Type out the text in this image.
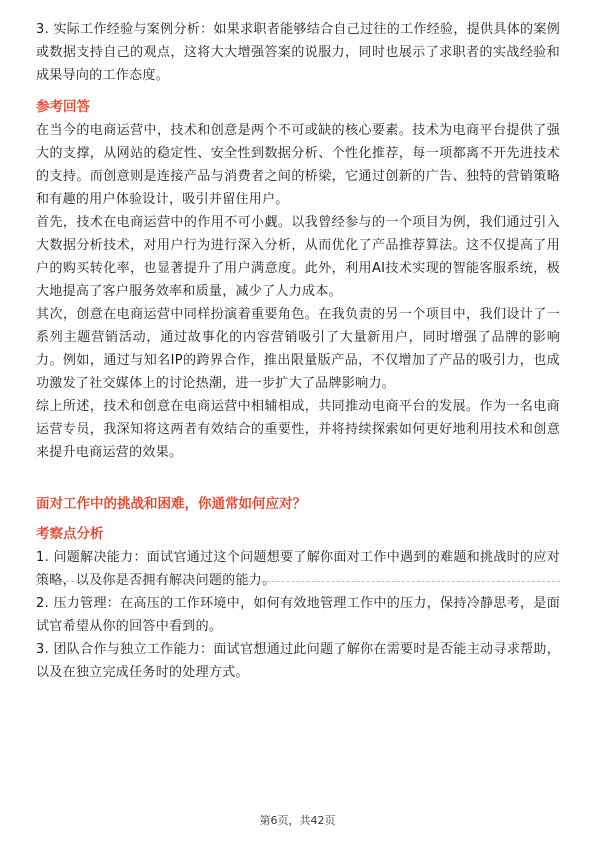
3. 实际工作经验与案例分析：如果求职者能够结合自己过往的工作经验，提供具体的案例或数据支持自己的观点，这将大大增强答案的说服力，同时也展示了求职者的实战经验和成果导向的工作态度。

参考回答

在当今的电商运营中，技术和创意是两个不可或缺的核心要素。技术为电商平台提供了强大的支撑，从网站的稳定性、安全性到数据分析、个性化推荐，每一项都离不开先进技术的支持。而创意则是连接产品与消费者之间的桥梁，它通过创新的广告、独特的营销策略和有趣的用户体验设计，吸引并留住用户。

首先，技术在电商运营中的作用不可小觑。以我曾经参与的一个项目为例，我们通过引入大数据分析技术，对用户行为进行深入分析，从而优化了产品推荐算法。这不仅提高了用户的购买转化率，也显著提升了用户满意度。此外，利用AI技术实现的智能客服系统，极大地提高了客户服务效率和质量，减少了人力成本。

其次，创意在电商运营中同样扮演着重要角色。在我负责的另一个项目中，我们设计了一系列主题营销活动，通过故事化的内容营销吸引了大量新用户，同时增强了品牌的影响力。例如，通过与知名IP的跨界合作，推出限量版产品，不仅增加了产品的吸引力，也成功激发了社交媒体上的讨论热潮，进一步扩大了品牌影响力。

综上所述，技术和创意在电商运营中相辅相成，共同推动电商平台的发展。作为一名电商运营专员，我深知将这两者有效结合的重要性，并将持续探索如何更好地利用技术和创意来提升电商运营的效果。

面对工作中的挑战和困难，你通常如何应对？

考察点分析

1. 问题解决能力：面试官通过这个问题想要了解你面对工作中遇到的难题和挑战时的应对策略，以及你是否拥有解决问题的能力。

2. 压力管理：在高压的工作环境中，如何有效地管理工作中的压力，保持冷静思考，是面试官希望从你的回答中看到的。

3. 团队合作与独立工作能力：面试官想通过此问题了解你在需要时是否能主动寻求帮助，以及在独立完成任务时的处理方式。

第6页，共42页
